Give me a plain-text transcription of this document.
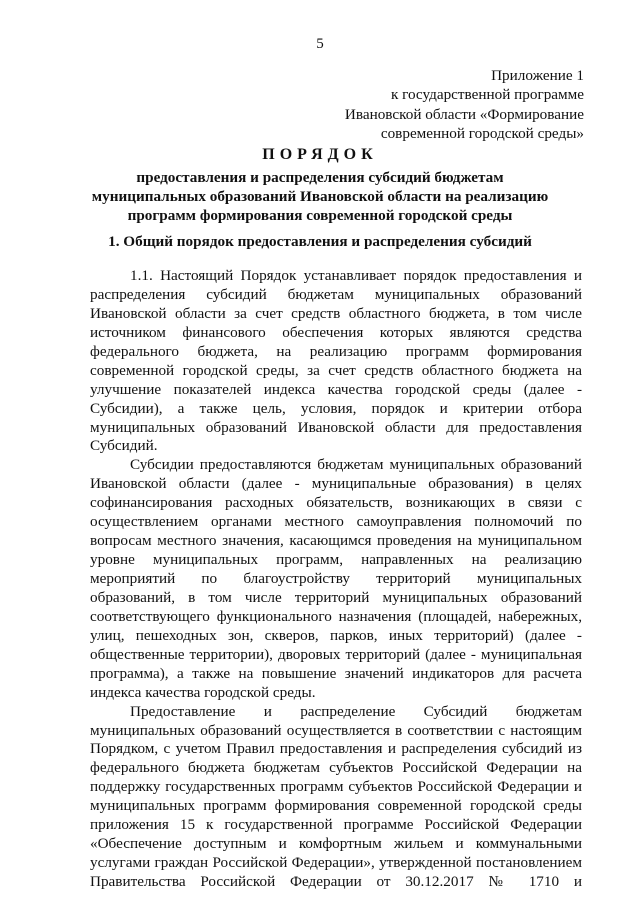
5
Приложение 1
к государственной программе
Ивановской области «Формирование
современной городской среды»
ПОРЯДОК
предоставления и распределения субсидий бюджетам
муниципальных образований Ивановской области на реализацию
программ формирования современной городской среды
1. Общий порядок предоставления и распределения субсидий
1.1. Настоящий Порядок устанавливает порядок предоставления и
распределения субсидий бюджетам муниципальных образований
Ивановской области за счет средств областного бюджета, в том числе
источником финансового обеспечения которых являются средства
федерального бюджета, на реализацию программ формирования
современной городской среды, за счет средств областного бюджета на
улучшение показателей индекса качества городской среды (далее -
Субсидии), а также цель, условия, порядок и критерии отбора
муниципальных образований Ивановской области для предоставления
Субсидий.
Субсидии предоставляются бюджетам муниципальных образований
Ивановской области (далее - муниципальные образования) в целях
софинансирования расходных обязательств, возникающих в связи с
осуществлением органами местного самоуправления полномочий по
вопросам местного значения, касающимся проведения на муниципальном
уровне муниципальных программ, направленных на реализацию
мероприятий по благоустройству территорий муниципальных
образований, в том числе территорий муниципальных образований
соответствующего функционального назначения (площадей, набережных,
улиц, пешеходных зон, скверов, парков, иных территорий) (далее -
общественные территории), дворовых территорий (далее - муниципальная
программа), а также на повышение значений индикаторов для расчета
индекса качества городской среды.
Предоставление и распределение Субсидий бюджетам
муниципальных образований осуществляется в соответствии с настоящим
Порядком, с учетом Правил предоставления и распределения субсидий из
федерального бюджета бюджетам субъектов Российской Федерации на
поддержку государственных программ субъектов Российской Федерации и
муниципальных программ формирования современной городской среды
приложения 15 к государственной программе Российской Федерации
«Обеспечение доступным и комфортным жильем и коммунальными
услугами граждан Российской Федерации», утвержденной постановлением
Правительства Российской Федерации от 30.12.2017 № 1710 и
